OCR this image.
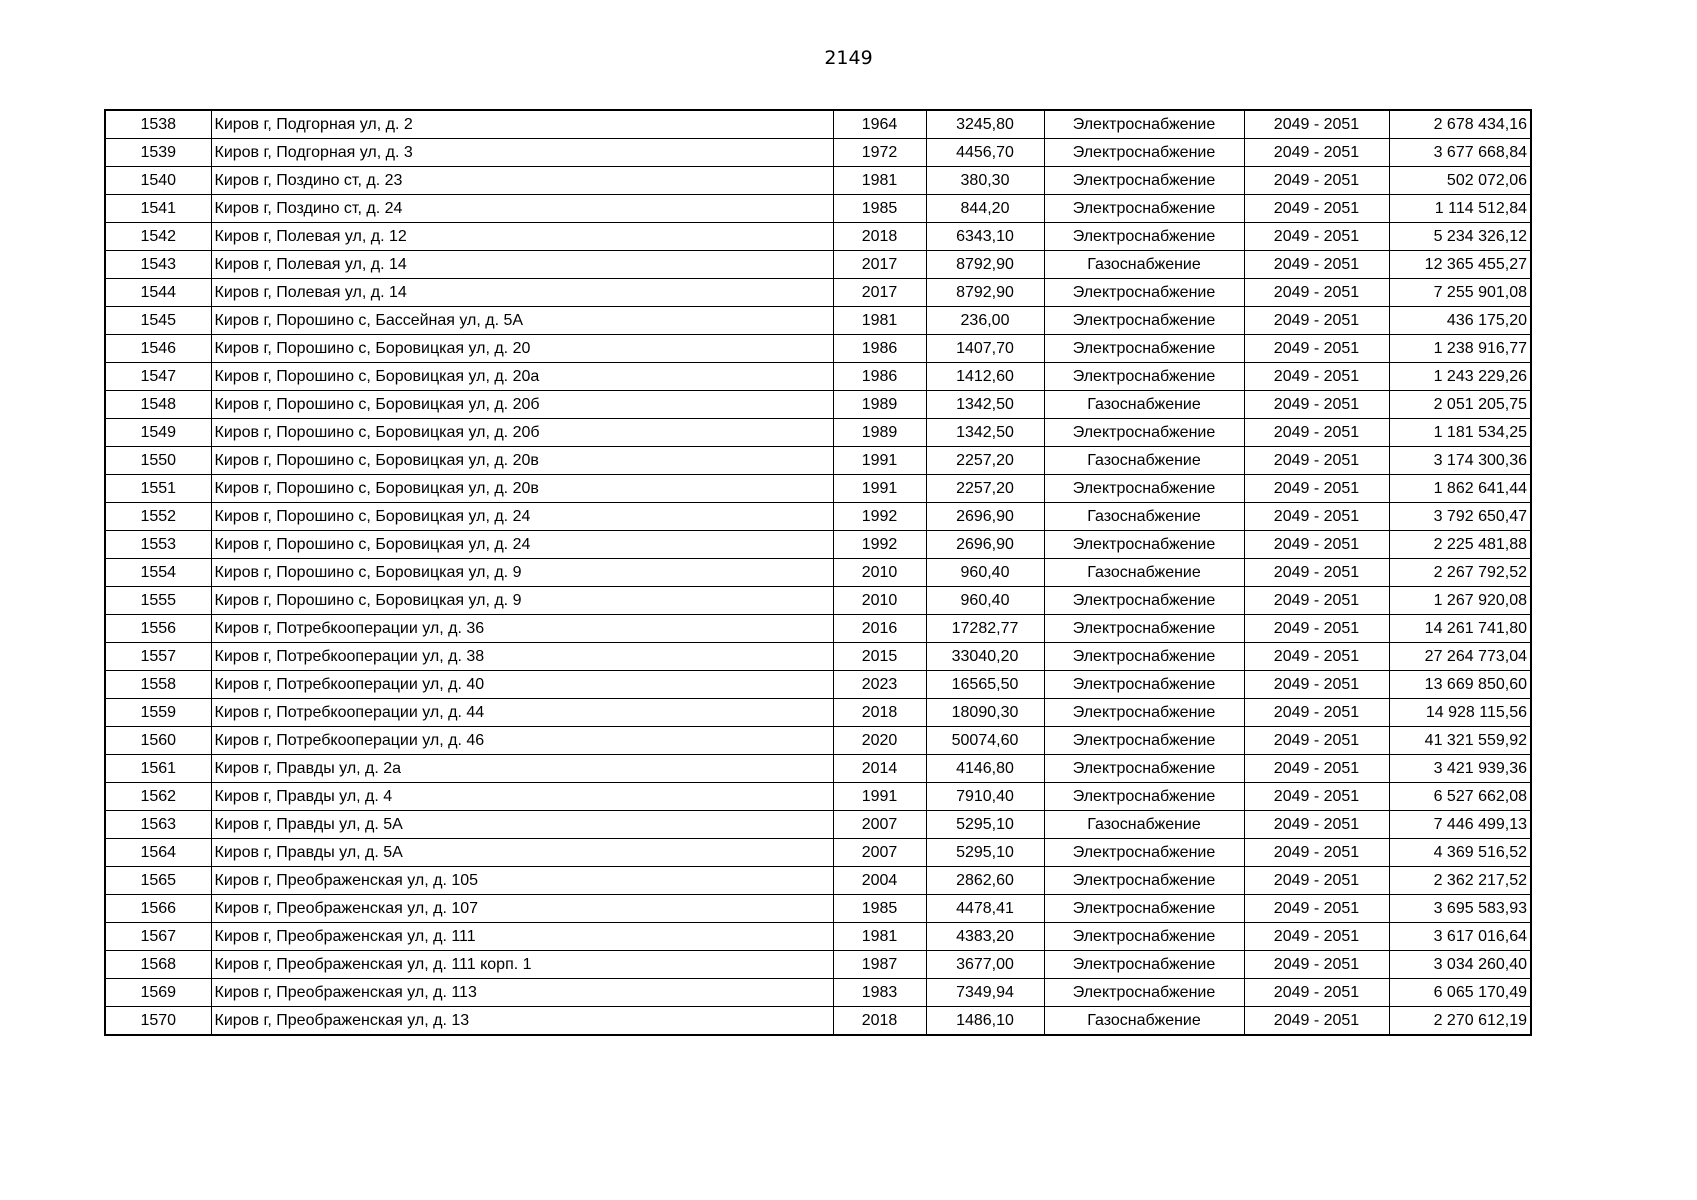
2149
1538	Киров г, Подгорная ул, д. 2	1964	3245,80	Электроснабжение	2049 - 2051	2 678 434,16
1539	Киров г, Подгорная ул, д. 3	1972	4456,70	Электроснабжение	2049 - 2051	3 677 668,84
1540	Киров г, Поздино ст, д. 23	1981	380,30	Электроснабжение	2049 - 2051	502 072,06
1541	Киров г, Поздино ст, д. 24	1985	844,20	Электроснабжение	2049 - 2051	1 114 512,84
1542	Киров г, Полевая ул, д. 12	2018	6343,10	Электроснабжение	2049 - 2051	5 234 326,12
1543	Киров г, Полевая ул, д. 14	2017	8792,90	Газоснабжение	2049 - 2051	12 365 455,27
1544	Киров г, Полевая ул, д. 14	2017	8792,90	Электроснабжение	2049 - 2051	7 255 901,08
1545	Киров г, Порошино с, Бассейная ул, д. 5А	1981	236,00	Электроснабжение	2049 - 2051	436 175,20
1546	Киров г, Порошино с, Боровицкая ул, д. 20	1986	1407,70	Электроснабжение	2049 - 2051	1 238 916,77
1547	Киров г, Порошино с, Боровицкая ул, д. 20а	1986	1412,60	Электроснабжение	2049 - 2051	1 243 229,26
1548	Киров г, Порошино с, Боровицкая ул, д. 20б	1989	1342,50	Газоснабжение	2049 - 2051	2 051 205,75
1549	Киров г, Порошино с, Боровицкая ул, д. 20б	1989	1342,50	Электроснабжение	2049 - 2051	1 181 534,25
1550	Киров г, Порошино с, Боровицкая ул, д. 20в	1991	2257,20	Газоснабжение	2049 - 2051	3 174 300,36
1551	Киров г, Порошино с, Боровицкая ул, д. 20в	1991	2257,20	Электроснабжение	2049 - 2051	1 862 641,44
1552	Киров г, Порошино с, Боровицкая ул, д. 24	1992	2696,90	Газоснабжение	2049 - 2051	3 792 650,47
1553	Киров г, Порошино с, Боровицкая ул, д. 24	1992	2696,90	Электроснабжение	2049 - 2051	2 225 481,88
1554	Киров г, Порошино с, Боровицкая ул, д. 9	2010	960,40	Газоснабжение	2049 - 2051	2 267 792,52
1555	Киров г, Порошино с, Боровицкая ул, д. 9	2010	960,40	Электроснабжение	2049 - 2051	1 267 920,08
1556	Киров г, Потребкооперации ул, д. 36	2016	17282,77	Электроснабжение	2049 - 2051	14 261 741,80
1557	Киров г, Потребкооперации ул, д. 38	2015	33040,20	Электроснабжение	2049 - 2051	27 264 773,04
1558	Киров г, Потребкооперации ул, д. 40	2023	16565,50	Электроснабжение	2049 - 2051	13 669 850,60
1559	Киров г, Потребкооперации ул, д. 44	2018	18090,30	Электроснабжение	2049 - 2051	14 928 115,56
1560	Киров г, Потребкооперации ул, д. 46	2020	50074,60	Электроснабжение	2049 - 2051	41 321 559,92
1561	Киров г, Правды ул, д. 2а	2014	4146,80	Электроснабжение	2049 - 2051	3 421 939,36
1562	Киров г, Правды ул, д. 4	1991	7910,40	Электроснабжение	2049 - 2051	6 527 662,08
1563	Киров г, Правды ул, д. 5А	2007	5295,10	Газоснабжение	2049 - 2051	7 446 499,13
1564	Киров г, Правды ул, д. 5А	2007	5295,10	Электроснабжение	2049 - 2051	4 369 516,52
1565	Киров г, Преображенская ул, д. 105	2004	2862,60	Электроснабжение	2049 - 2051	2 362 217,52
1566	Киров г, Преображенская ул, д. 107	1985	4478,41	Электроснабжение	2049 - 2051	3 695 583,93
1567	Киров г, Преображенская ул, д. 111	1981	4383,20	Электроснабжение	2049 - 2051	3 617 016,64
1568	Киров г, Преображенская ул, д. 111 корп. 1	1987	3677,00	Электроснабжение	2049 - 2051	3 034 260,40
1569	Киров г, Преображенская ул, д. 113	1983	7349,94	Электроснабжение	2049 - 2051	6 065 170,49
1570	Киров г, Преображенская ул, д. 13	2018	1486,10	Газоснабжение	2049 - 2051	2 270 612,19
